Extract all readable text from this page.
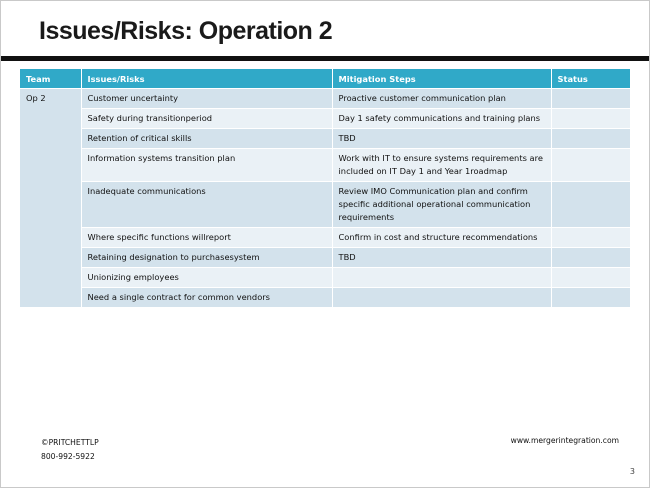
Issues/Risks: Operation 2
Team	Issues/Risks	Mitigation Steps	Status
Op 2	Customer uncertainty	Proactive customer communication plan	
	Safety during transitionperiod	Day 1 safety communications and training plans	
	Retention of critical skills	TBD	
	Information systems transition plan	Work with IT to ensure systems requirements are included on IT Day 1 and Year 1roadmap	
	Inadequate communications	Review IMO Communication plan and confirm specific additional operational communication requirements	
	Where specific functions willreport	Confirm in cost and structure recommendations	
	Retaining designation to purchasesystem	TBD	
	Unionizing employees		
	Need a single contract for common vendors		
©PRITCHETTLP
800-992-5922
www.mergerintegration.com
3
